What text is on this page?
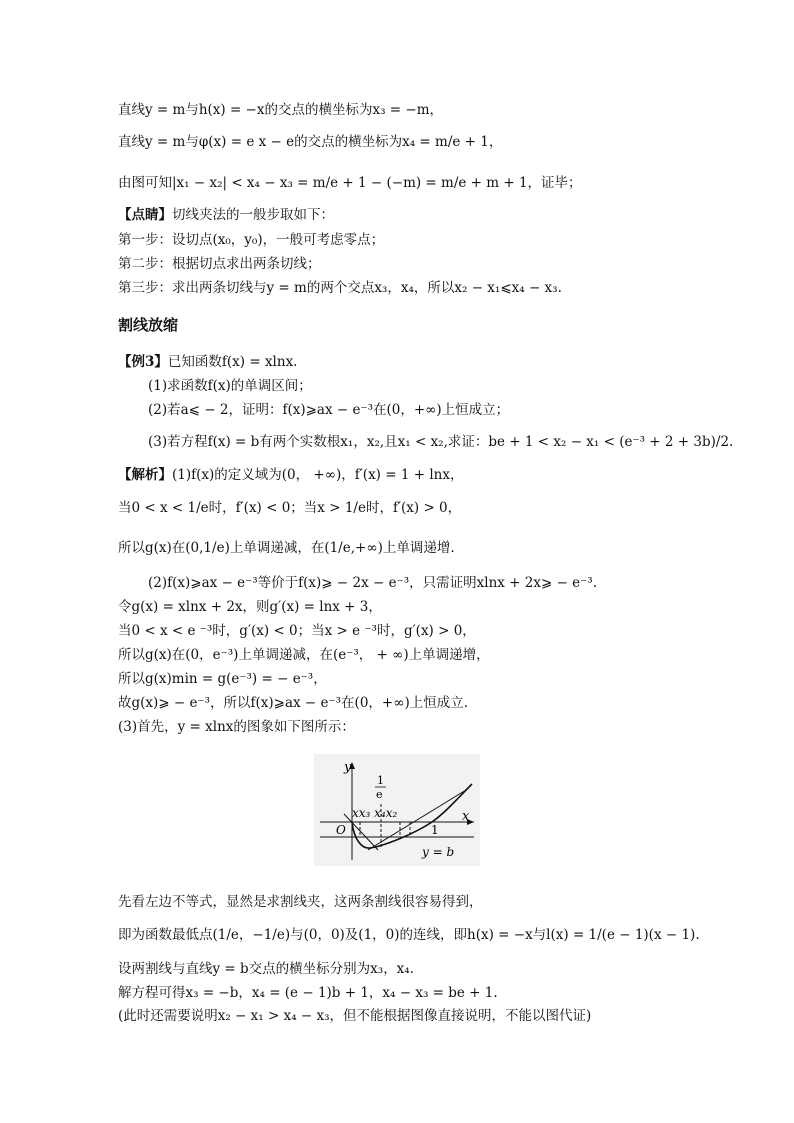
直线y = m与h(x) = −x的交点的横坐标为x₃ = −m，
直线y = m与φ(x) = e x − e的交点的横坐标为x₄ = m/e + 1，
由图可知|x₁ − x₂| < x₄ − x₃ = m/e + 1 − (−m) = m/e + m + 1，证毕；
【点睛】切线夹法的一般步取如下：
第一步：设切点(x₀，y₀)，一般可考虑零点；
第二步：根据切点求出两条切线；
第三步：求出两条切线与y = m的两个交点x₃，x₄，所以x₂ − x₁⩽x₄ − x₃.
割线放缩
【例3】已知函数f(x) = xlnx.
(1)求函数f(x)的单调区间；
(2)若a⩽ − 2，证明：f(x)⩾ax − e⁻³在(0，+∞)上恒成立；
(3)若方程f(x) = b有两个实数根x₁，x₂,且x₁ < x₂,求证：be + 1 < x₂ − x₁ < (e⁻³ + 2 + 3b)/2.
【解析】(1)f(x)的定义域为(0， +∞)，f′(x) = 1 + lnx，
当0 < x < 1/e时，f′(x) < 0；当x > 1/e时，f′(x) > 0，
所以g(x)在(0,1/e)上单调递减，在(1/e,+∞)上单调递增.
(2)f(x)⩾ax − e⁻³等价于f(x)⩾ − 2x − e⁻³，只需证明xlnx + 2x⩾ − e⁻³.
令g(x) = xlnx + 2x，则g′(x) = lnx + 3，
当0 < x < e ⁻³时，g′(x) < 0；当x > e ⁻³时，g′(x) > 0，
所以g(x)在(0，e⁻³)上单调递减，在(e⁻³， + ∞)上单调递增，
所以g(x)min = g(e⁻³) = − e⁻³，
故g(x)⩾ − e⁻³，所以f(x)⩾ax − e⁻³在(0，+∞)上恒成立.
(3)首先，y = xlnx的图象如下图所示：
y
x
O
1
e
xx₃ x₄x₂
1
y = b
先看左边不等式，显然是求割线夹，这两条割线很容易得到，
即为函数最低点(1/e，−1/e)与(0，0)及(1，0)的连线，即h(x) = −x与l(x) = 1/(e − 1)(x − 1).
设两割线与直线y = b交点的横坐标分别为x₃，x₄.
解方程可得x₃ = −b，x₄ = (e − 1)b + 1，x₄ − x₃ = be + 1.
(此时还需要说明x₂ − x₁ > x₄ − x₃，但不能根据图像直接说明，不能以图代证)
